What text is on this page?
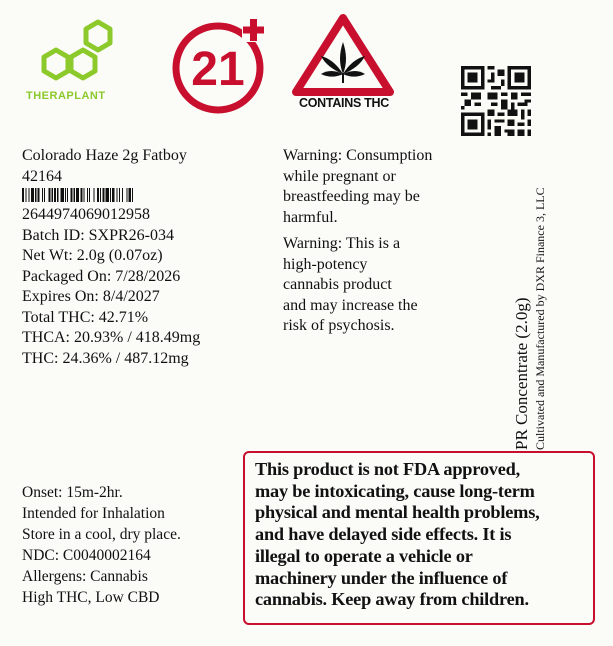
THERAPLANT 21
CONTAINS THC
Colorado Haze 2g Fatboy
42164
2644974069012958
Batch ID: SXPR26-034
Net Wt: 2.0g (0.07oz)
Packaged On: 7/28/2026
Expires On: 8/4/2027
Total THC: 42.71%
THCA: 20.93% / 418.49mg
THC: 24.36% / 487.12mg
Warning: Consumption
while pregnant or
breastfeeding may be
harmful.
Warning: This is a
high-potency
cannabis product
and may increase the
risk of psychosis.	PR Concentrate (2.0g) Cultivated and Manufactured by DXR Finance 3, LLC
Onset: 15m-2hr.
Intended for Inhalation
Store in a cool, dry place.
NDC: C0040002164
Allergens: Cannabis
High THC, Low CBD
This product is not FDA approved,
may be intoxicating, cause long-term
physical and mental health problems,
and have delayed side effects. It is
illegal to operate a vehicle or
machinery under the influence of
cannabis. Keep away from children.
